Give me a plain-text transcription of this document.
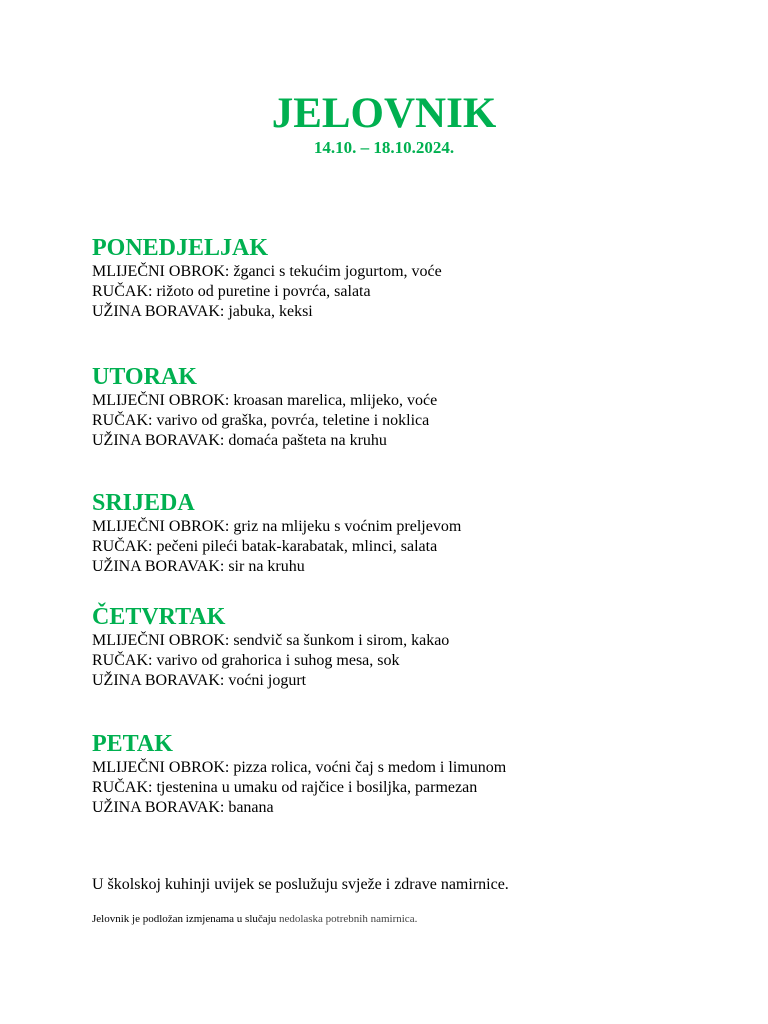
JELOVNIK

14.10. – 18.10.2024.

PONEDJELJAK

MLIJEČNI OBROK: žganci s tekućim jogurtom, voće

RUČAK: rižoto od puretine i povrća, salata

UŽINA BORAVAK: jabuka, keksi

UTORAK

MLIJEČNI OBROK: kroasan marelica, mlijeko, voće

RUČAK: varivo od graška, povrća, teletine i noklica

UŽINA BORAVAK: domaća pašteta na kruhu

SRIJEDA

MLIJEČNI OBROK: griz na mlijeku s voćnim preljevom

RUČAK: pečeni pileći batak-karabatak, mlinci, salata

UŽINA BORAVAK: sir na kruhu

ČETVRTAK

MLIJEČNI OBROK: sendvič sa šunkom i sirom, kakao

RUČAK: varivo od grahorica i suhog mesa, sok

UŽINA BORAVAK: voćni jogurt

PETAK

MLIJEČNI OBROK: pizza rolica, voćni čaj s medom i limunom

RUČAK: tjestenina u umaku od rajčice i bosiljka, parmezan

UŽINA BORAVAK: banana

U školskoj kuhinji uvijek se poslužuju svježe i zdrave namirnice.

Jelovnik je podložan izmjenama u slučaju nedolaska potrebnih namirnica.
